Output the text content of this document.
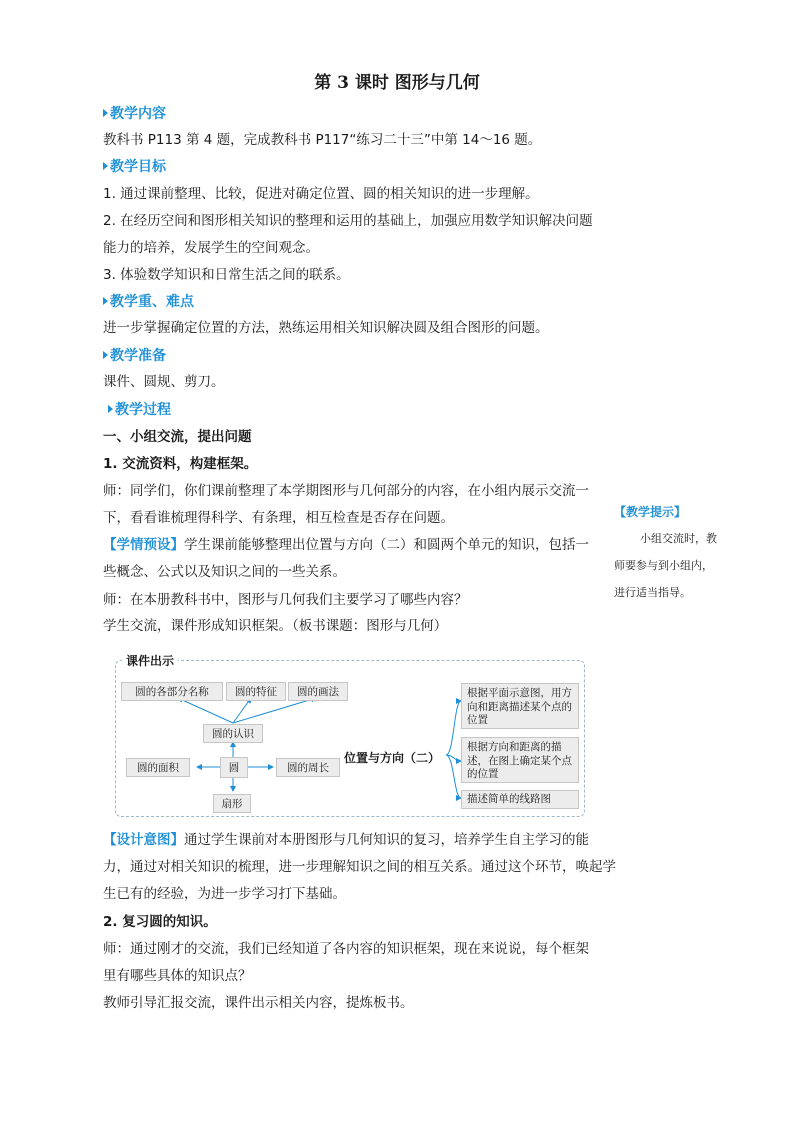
第 3 课时 图形与几何
教学内容
教科书 P113 第 4 题，完成教科书 P117“练习二十三”中第 14～16 题。
教学目标
1. 通过课前整理、比较，促进对确定位置、圆的相关知识的进一步理解。
2. 在经历空间和图形相关知识的整理和运用的基础上，加强应用数学知识解决问题
能力的培养，发展学生的空间观念。
3. 体验数学知识和日常生活之间的联系。
教学重、难点
进一步掌握确定位置的方法，熟练运用相关知识解决圆及组合图形的问题。
教学准备
课件、圆规、剪刀。
教学过程
一、小组交流，提出问题
1. 交流资料，构建框架。
师：同学们，你们课前整理了本学期图形与几何部分的内容，在小组内展示交流一
下，看看谁梳理得科学、有条理，相互检查是否存在问题。
【学情预设】学生课前能够整理出位置与方向（二）和圆两个单元的知识，包括一
些概念、公式以及知识之间的一些关系。
师：在本册教科书中，图形与几何我们主要学习了哪些内容？
学生交流，课件形成知识框架。（板书课题：图形与几何）
【教学提示】
小组交流时，教
师要参与到小组内，
进行适当指导。
课件出示
圆的各部分名称	圆的特征	圆的画法
圆的认识
圆的面积	圆	圆的周长
扇形
位置与方向（二）
根据平面示意图，用方向和距离描述某个点的位置
根据方向和距离的描述，在图上确定某个点的位置
描述简单的线路图
【设计意图】通过学生课前对本册图形与几何知识的复习，培养学生自主学习的能
力，通过对相关知识的梳理，进一步理解知识之间的相互关系。通过这个环节，唤起学
生已有的经验，为进一步学习打下基础。
2. 复习圆的知识。
师：通过刚才的交流，我们已经知道了各内容的知识框架，现在来说说，每个框架
里有哪些具体的知识点？
教师引导汇报交流，课件出示相关内容，提炼板书。
